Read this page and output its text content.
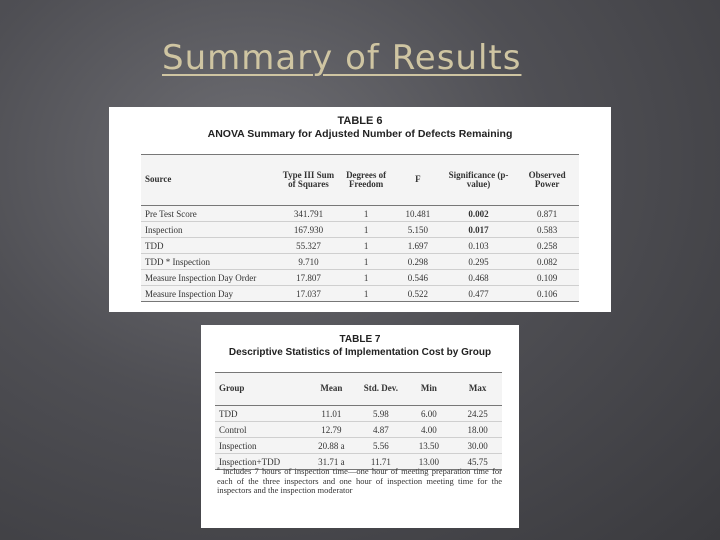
Summary of Results
TABLE 6
ANOVA Summary for Adjusted Number of Defects Remaining
Source	Type III Sum of Squares	Degrees of Freedom	F	Significance (p-value)	Observed Power
Pre Test Score	341.791	1	10.481	0.002	0.871
Inspection	167.930	1	5.150	0.017	0.583
TDD	55.327	1	1.697	0.103	0.258
TDD * Inspection	9.710	1	0.298	0.295	0.082
Measure Inspection Day Order	17.807	1	0.546	0.468	0.109
Measure Inspection Day	17.037	1	0.522	0.477	0.106
TABLE 7
Descriptive Statistics of Implementation Cost by Group
Group	Mean	Std. Dev.	Min	Max
TDD	11.01	5.98	6.00	24.25
Control	12.79	4.87	4.00	18.00
Inspection	20.88 a	5.56	13.50	30.00
Inspection+TDD	31.71 a	11.71	13.00	45.75
$^a$ includes 7 hours of inspection time—one hour of meeting preparation time for each of the three inspectors and one hour of inspection meeting time for the inspectors and the inspection moderator
